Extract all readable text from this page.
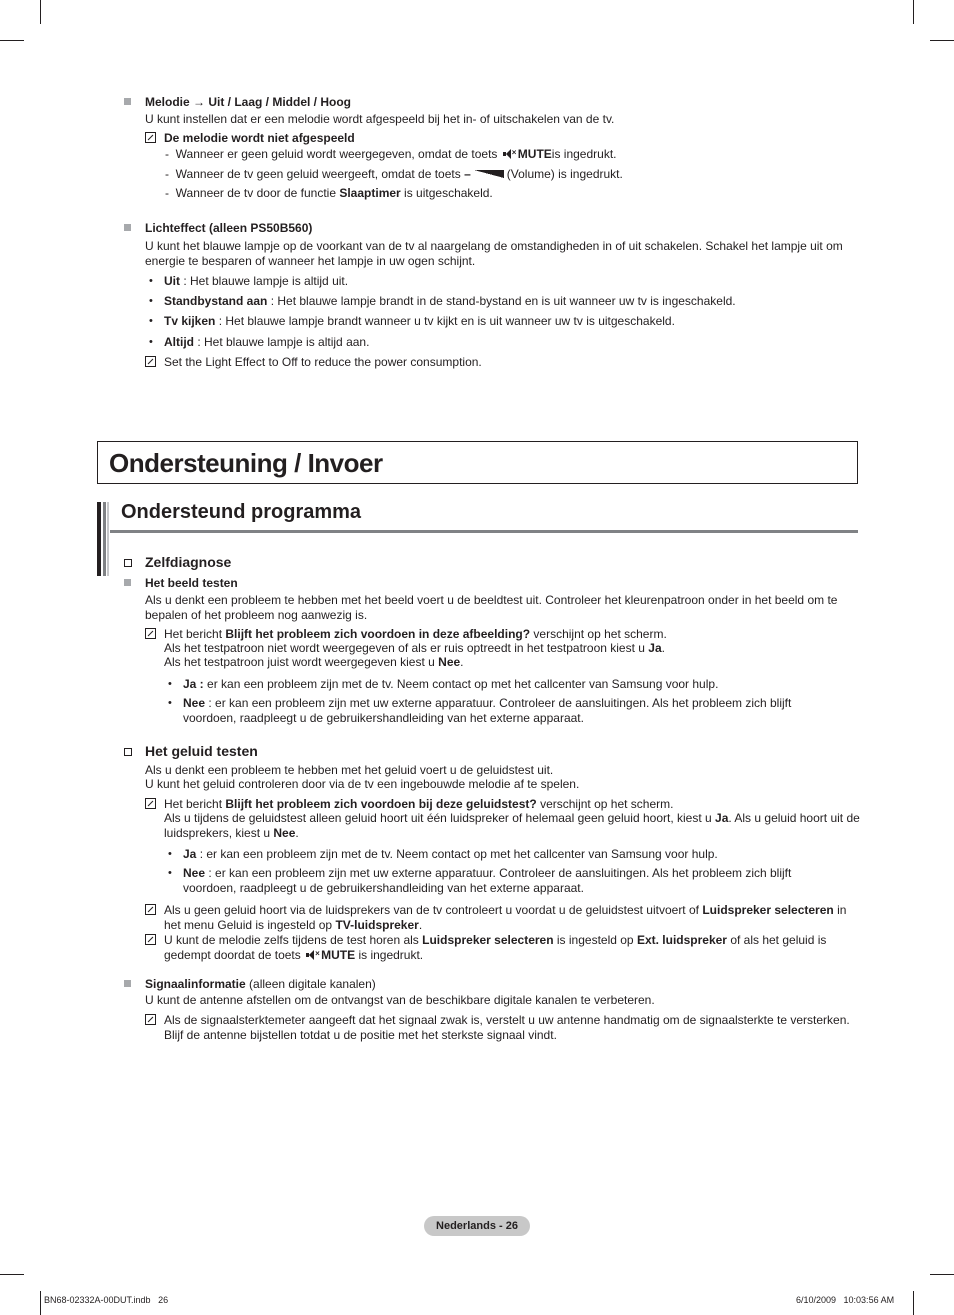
Melodie → Uit / Laag / Middel / Hoog
U kunt instellen dat er een melodie wordt afgespeeld bij het in- of uitschakelen van de tv.
De melodie wordt niet afgespeeld
-  Wanneer er geen geluid wordt weergegeven, omdat de toets × MUTEis ingedrukt.
-  Wanneer de tv geen geluid weergeeft, omdat de toets –	(Volume) is ingedrukt.
-  Wanneer de tv door de functie Slaaptimer is uitgeschakeld.
Lichteffect (alleen PS50B560)
U kunt het blauwe lampje op de voorkant van de tv al naargelang de omstandigheden in of uit schakelen. Schakel het lampje uit om energie te besparen of wanneer het lampje in uw ogen schijnt.
• Uit : Het blauwe lampje is altijd uit.
• Standbystand aan : Het blauwe lampje brandt in de stand-bystand en is uit wanneer uw tv is ingeschakeld.
• Tv kijken : Het blauwe lampje brandt wanneer u tv kijkt en is uit wanneer uw tv is uitgeschakeld.
• Altijd : Het blauwe lampje is altijd aan.
Set the Light Effect to Off to reduce the power consumption.
Ondersteuning / Invoer
Ondersteund programma
Zelfdiagnose
Het beeld testen
Als u denkt een probleem te hebben met het beeld voert u de beeldtest uit. Controleer het kleurenpatroon onder in het beeld om te bepalen of het probleem nog aanwezig is.
Het bericht Blijft het probleem zich voordoen in deze afbeelding? verschijnt op het scherm.
Als het testpatroon niet wordt weergegeven of als er ruis optreedt in het testpatroon kiest u Ja.
Als het testpatroon juist wordt weergegeven kiest u Nee.
• Ja : er kan een probleem zijn met de tv. Neem contact op met het callcenter van Samsung voor hulp.
• Nee : er kan een probleem zijn met uw externe apparatuur. Controleer de aansluitingen. Als het probleem zich blijft voordoen, raadpleegt u de gebruikershandleiding van het externe apparaat.
Het geluid testen
Als u denkt een probleem te hebben met het geluid voert u de geluidstest uit.
U kunt het geluid controleren door via de tv een ingebouwde melodie af te spelen.
Het bericht Blijft het probleem zich voordoen bij deze geluidstest? verschijnt op het scherm.
Als u tijdens de geluidstest alleen geluid hoort uit één luidspreker of helemaal geen geluid hoort, kiest u Ja. Als u geluid hoort uit de luidsprekers, kiest u Nee.
• Ja : er kan een probleem zijn met de tv. Neem contact op met het callcenter van Samsung voor hulp.
• Nee : er kan een probleem zijn met uw externe apparatuur. Controleer de aansluitingen. Als het probleem zich blijft voordoen, raadpleegt u de gebruikershandleiding van het externe apparaat.
Als u geen geluid hoort via de luidsprekers van de tv controleert u voordat u de geluidstest uitvoert of Luidspreker selecteren in het menu Geluid is ingesteld op TV-luidspreker.
U kunt de melodie zelfs tijdens de test horen als Luidspreker selecteren is ingesteld op Ext. luidspreker of als het geluid is gedempt doordat de toets × MUTE is ingedrukt.
Signaalinformatie (alleen digitale kanalen)
U kunt de antenne afstellen om de ontvangst van de beschikbare digitale kanalen te verbeteren.
Als de signaalsterktemeter aangeeft dat het signaal zwak is, verstelt u uw antenne handmatig om de signaalsterkte te versterken. Blijf de antenne bijstellen totdat u de positie met het sterkste signaal vindt.
Nederlands - 26
BN68-02332A-00DUT.indb   26	6/10/2009   10:03:56 AM
